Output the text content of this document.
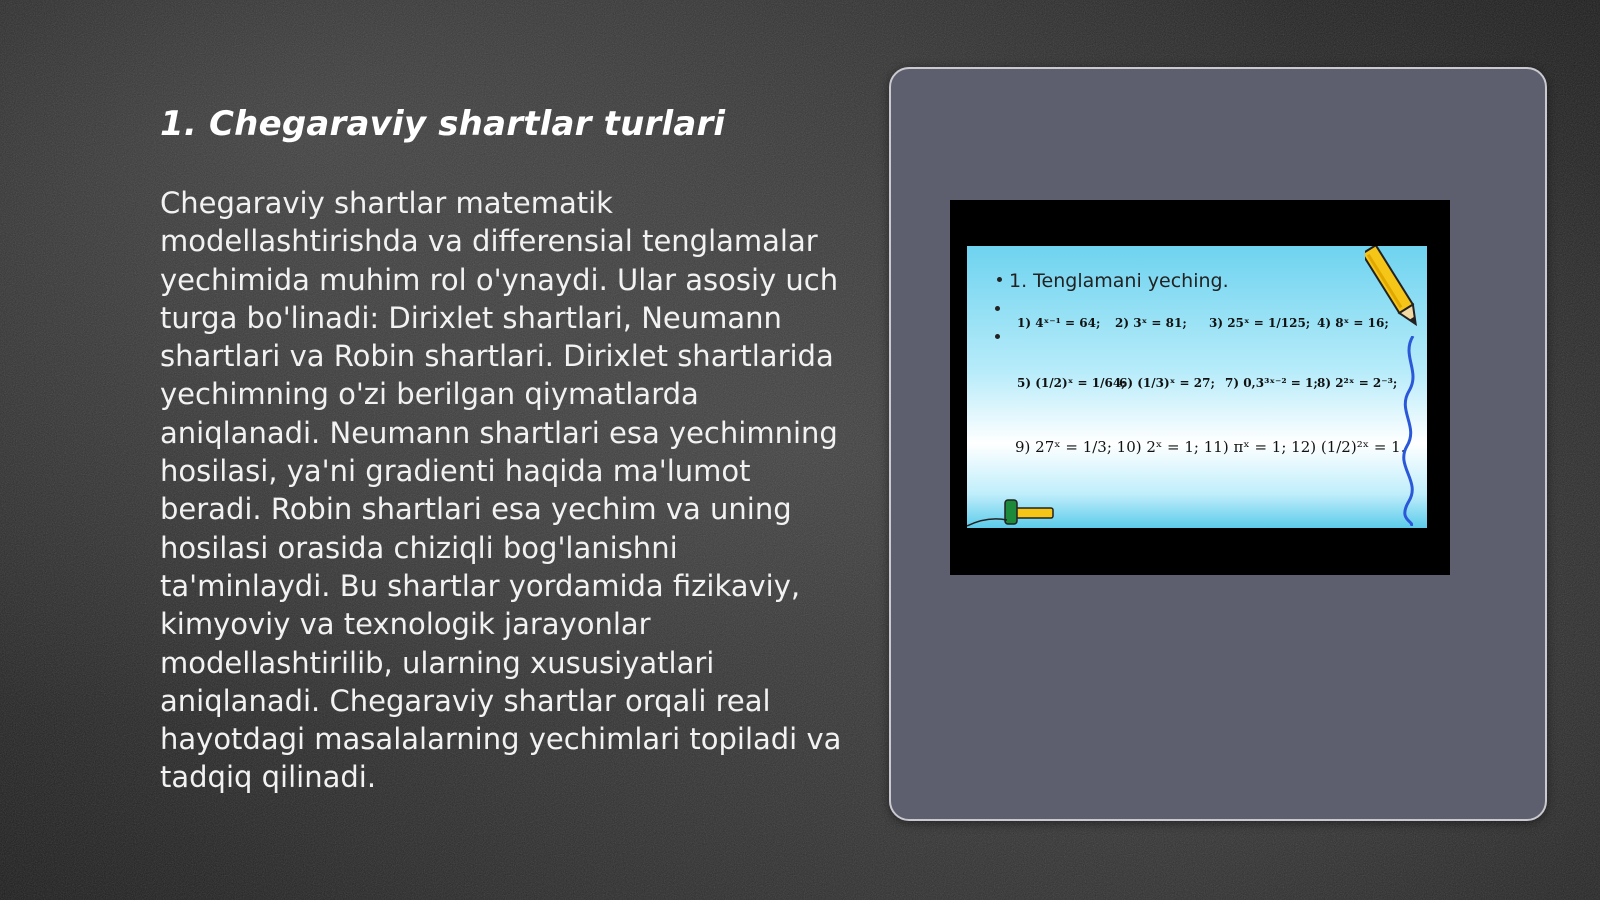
1. Chegaraviy shartlar turlari

Chegaraviy shartlar matematik modellashtirishda va differensial tenglamalar yechimida muhim rol o'ynaydi. Ular asosiy uch turga bo'linadi: Dirixlet shartlari, Neumann shartlari va Robin shartlari. Dirixlet shartlarida yechimning o'zi berilgan qiymatlarda aniqlanadi. Neumann shartlari esa yechimning hosilasi, ya'ni gradienti haqida ma'lumot beradi. Robin shartlari esa yechim va uning hosilasi orasida chiziqli bog'lanishni ta'minlaydi. Bu shartlar yordamida fizikaviy, kimyoviy va texnologik jarayonlar modellashtirilib, ularning xususiyatlari aniqlanadi. Chegaraviy shartlar orqali real hayotdagi masalalarning yechimlari topiladi va tadqiq qilinadi.

1. Tenglamani yeching.

1) 4ˣ⁻¹ = 64; 2) 3ˣ = 81; 3) 25ˣ = 1/125; 4) 8ˣ = 16;
5) (1/2)ˣ = 1/64;
6) (1/3)ˣ = 27; 7) 0,3³ˣ⁻² = 1; 8) 2²ˣ = 2⁻³;
9) 27ˣ = 1/3; 10) 2ˣ = 1; 11) πˣ = 1; 12) (1/2)²ˣ = 1.
